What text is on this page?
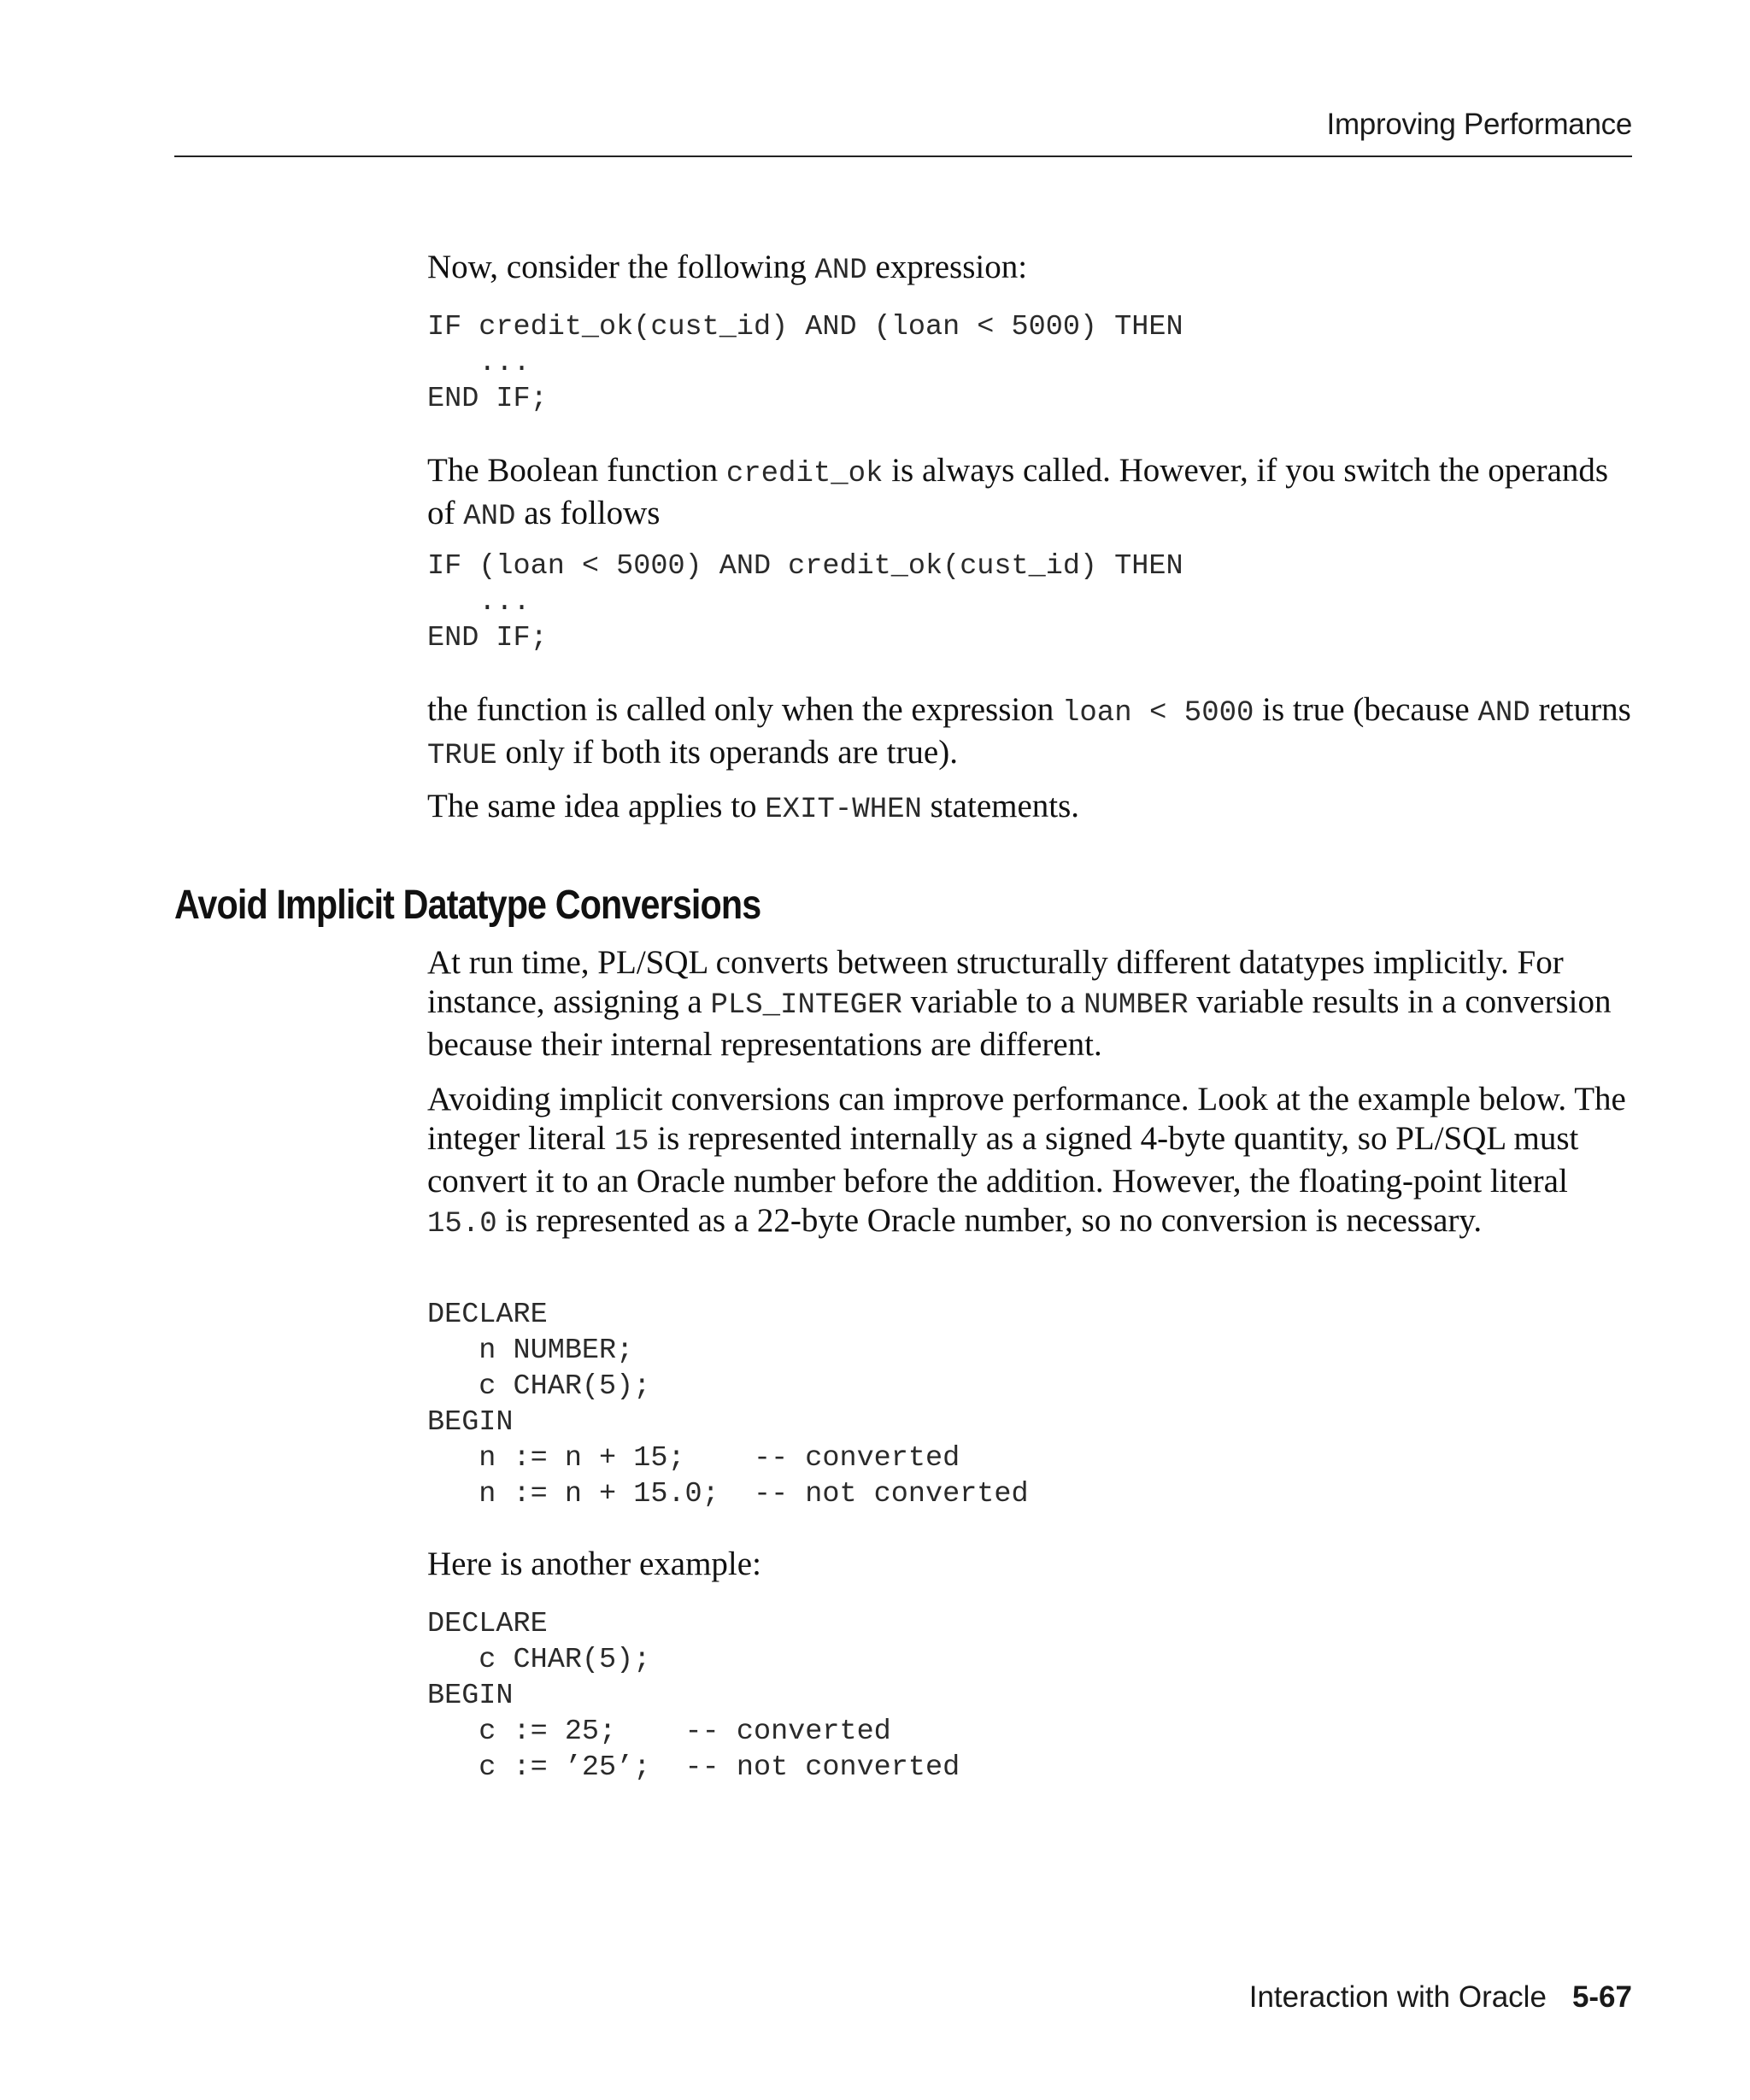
Improving Performance

Now, consider the following AND expression:

IF credit_ok(cust_id) AND (loan < 5000) THEN
...
END IF;

The Boolean function credit_ok is always called. However, if you switch the operands of AND as follows

IF (loan < 5000) AND credit_ok(cust_id) THEN
...
END IF;

the function is called only when the expression loan < 5000 is true (because AND returns TRUE only if both its operands are true).

The same idea applies to EXIT-WHEN statements.

Avoid Implicit Datatype Conversions

At run time, PL/SQL converts between structurally different datatypes implicitly. For instance, assigning a PLS_INTEGER variable to a NUMBER variable results in a conversion because their internal representations are different.

Avoiding implicit conversions can improve performance. Look at the example below. The integer literal 15 is represented internally as a signed 4-byte quantity, so PL/SQL must convert it to an Oracle number before the addition. However, the floating-point literal 15.0 is represented as a 22-byte Oracle number, so no conversion is necessary.

DECLARE
n NUMBER;
c CHAR(5);
BEGIN
n := n + 15;    -- converted
n := n + 15.0;  -- not converted

Here is another example:

DECLARE
c CHAR(5);
BEGIN
c := 25;    -- converted
c := ’25’;  -- not converted
Interaction with Oracle 5-67
